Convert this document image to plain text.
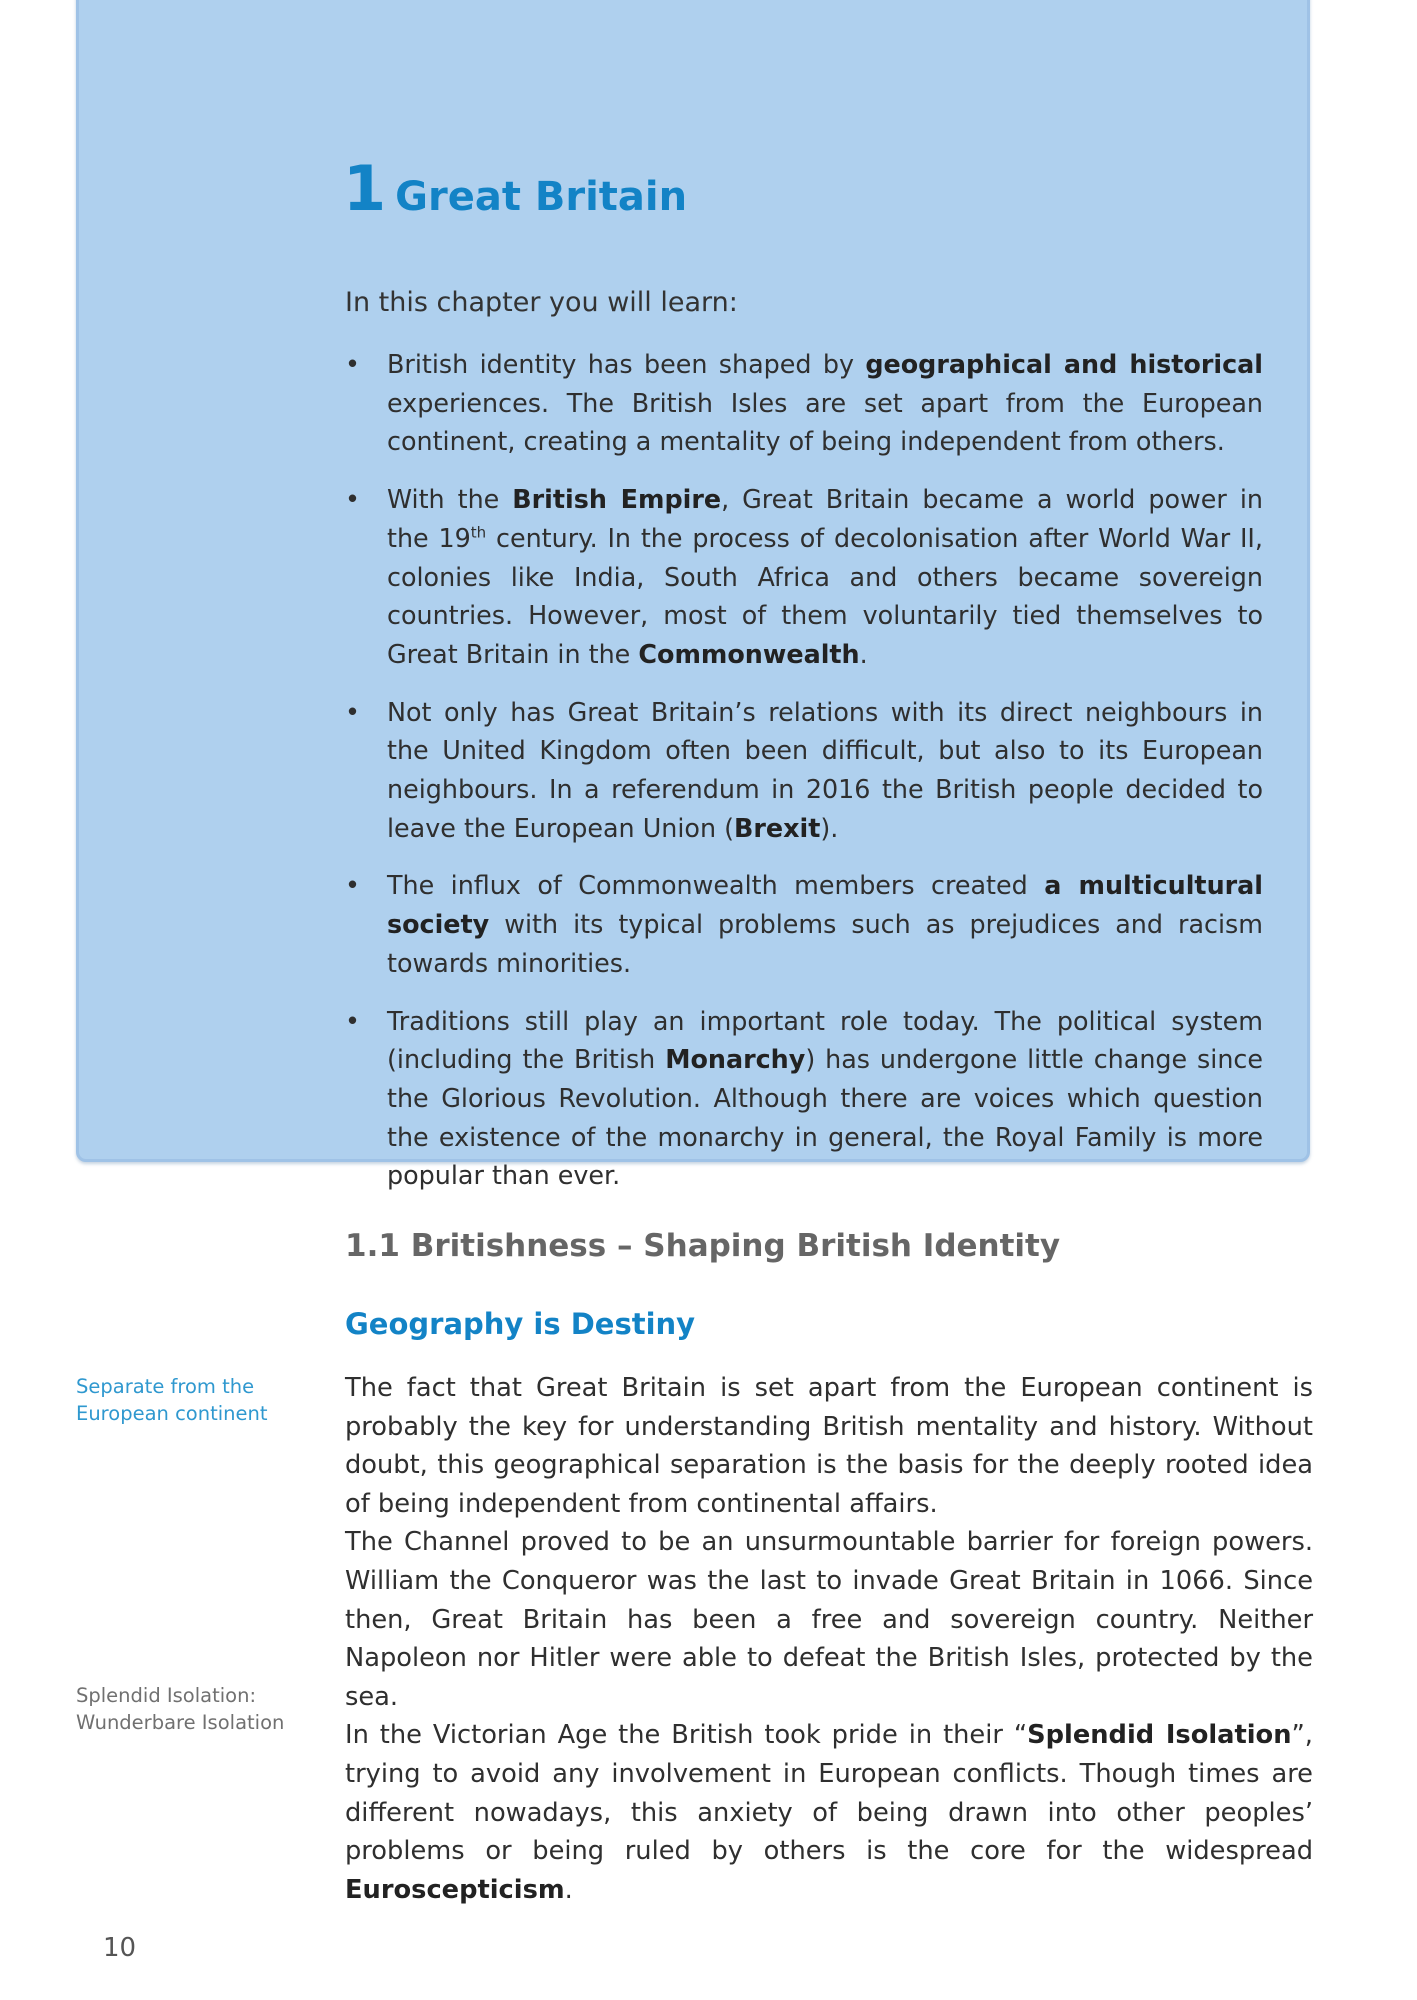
1 Great Britain

In this chapter you will learn:

• British identity has been shaped by geographical and historical experiences. The British Isles are set apart from the European continent, creating a mentality of being independent from others.
• With the British Empire, Great Britain became a world power in the 19th century. In the process of decolonisation after World War II, colonies like India, South Africa and others became sovereign countries. However, most of them voluntarily tied themselves to Great Britain in the Commonwealth.
• Not only has Great Britain’s relations with its direct neighbours in the United Kingdom often been difficult, but also to its European neighbours. In a referendum in 2016 the British people decided to leave the European Union (Brexit).
• The influx of Commonwealth members created a multicultural society with its typical problems such as prejudices and racism towards minorities.
• Traditions still play an important role today. The political system (including the British Monarchy) has undergone little change since the Glorious Revolution. Although there are voices which question the existence of the monarchy in general, the Royal Family is more popular than ever.
1.1 Britishness – Shaping British Identity
Geography is Destiny

The fact that Great Britain is set apart from the European continent is probably the key for understanding British mentality and history. Without doubt, this geographical separation is the basis for the deeply rooted idea of being independent from continental affairs.
The Channel proved to be an unsurmountable barrier for foreign powers. William the Conqueror was the last to invade Great Britain in 1066. Since then, Great Britain has been a free and sovereign country. Neither Napoleon nor Hitler were able to defeat the British Isles, protected by the sea.
In the Victorian Age the British took pride in their “Splendid Isolation”, trying to avoid any involvement in European conflicts. Though times are different nowadays, this anxiety of being drawn into other peoples’ problems or being ruled by others is the core for the widespread Euroscepticism.

Separate from the
European continent

Splendid Isolation:
Wunderbare Isolation

10
